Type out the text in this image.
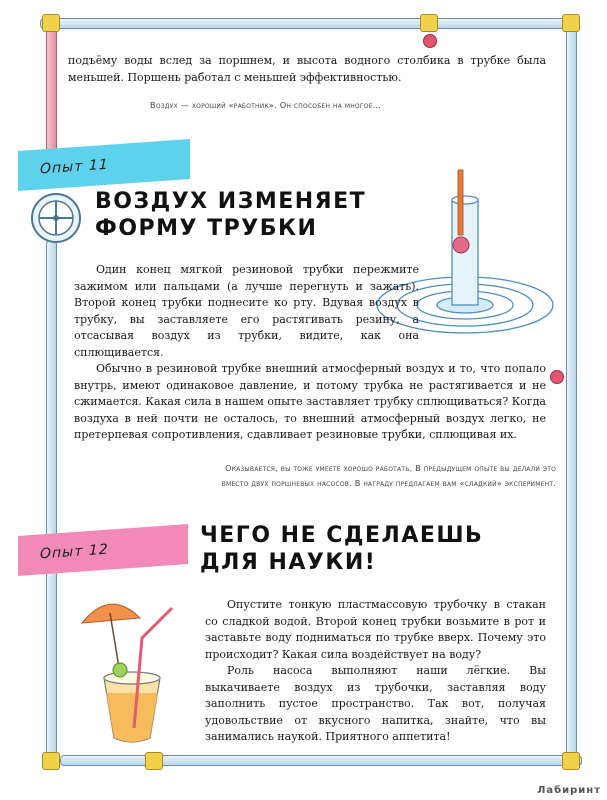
подъёму воды вслед за поршнем, и высота водного столбика в трубке была меньшей. Поршень работал с меньшей эффективностью.

Воздух — хороший «работник». Он способен на многое…
Опыт 11
ВОЗДУХ ИЗМЕНЯЕТ
ФОРМУ ТРУБКИ

Один конец мягкой резиновой трубки пережмите зажимом или пальцами (а лучше перегнуть и зажать). Второй конец трубки поднесите ко рту. Вдувая воздух в трубку, вы заставляете его растягивать резину, а отсасывая воздух из трубки, видите, как она сплющивается.

Обычно в резиновой трубке внешний атмосферный воздух и то, что попало внутрь, имеют одинаковое давление, и потому трубка не растягивается и не сжимается. Какая сила в нашем опыте заставляет трубку сплющиваться? Когда воздуха в ней почти не осталось, то внешний атмосферный воздух легко, не претерпевая сопротивления, сдавливает резиновые трубки, сплющивая их.

Оказывается, вы тоже умеете хорошо работать. В предыдущем опыте вы делали это
вместо двух поршневых насосов. В награду предлагаем вам «сладкий» эксперимент.
Опыт 12
ЧЕГО НЕ СДЕЛАЕШЬ
ДЛЯ НАУКИ!

Опустите тонкую пластмассовую трубочку в стакан со сладкой водой. Второй конец трубки возьмите в рот и заставьте воду подниматься по трубке вверх. Почему это происходит? Какая сила воздействует на воду?

Роль насоса выполняют наши лёгкие. Вы выкачиваете воздух из трубочки, заставляя воду заполнить пустое пространство. Так вот, получая удовольствие от вкусного напитка, знайте, что вы занимались наукой. Приятного аппетита!

Лабиринт
